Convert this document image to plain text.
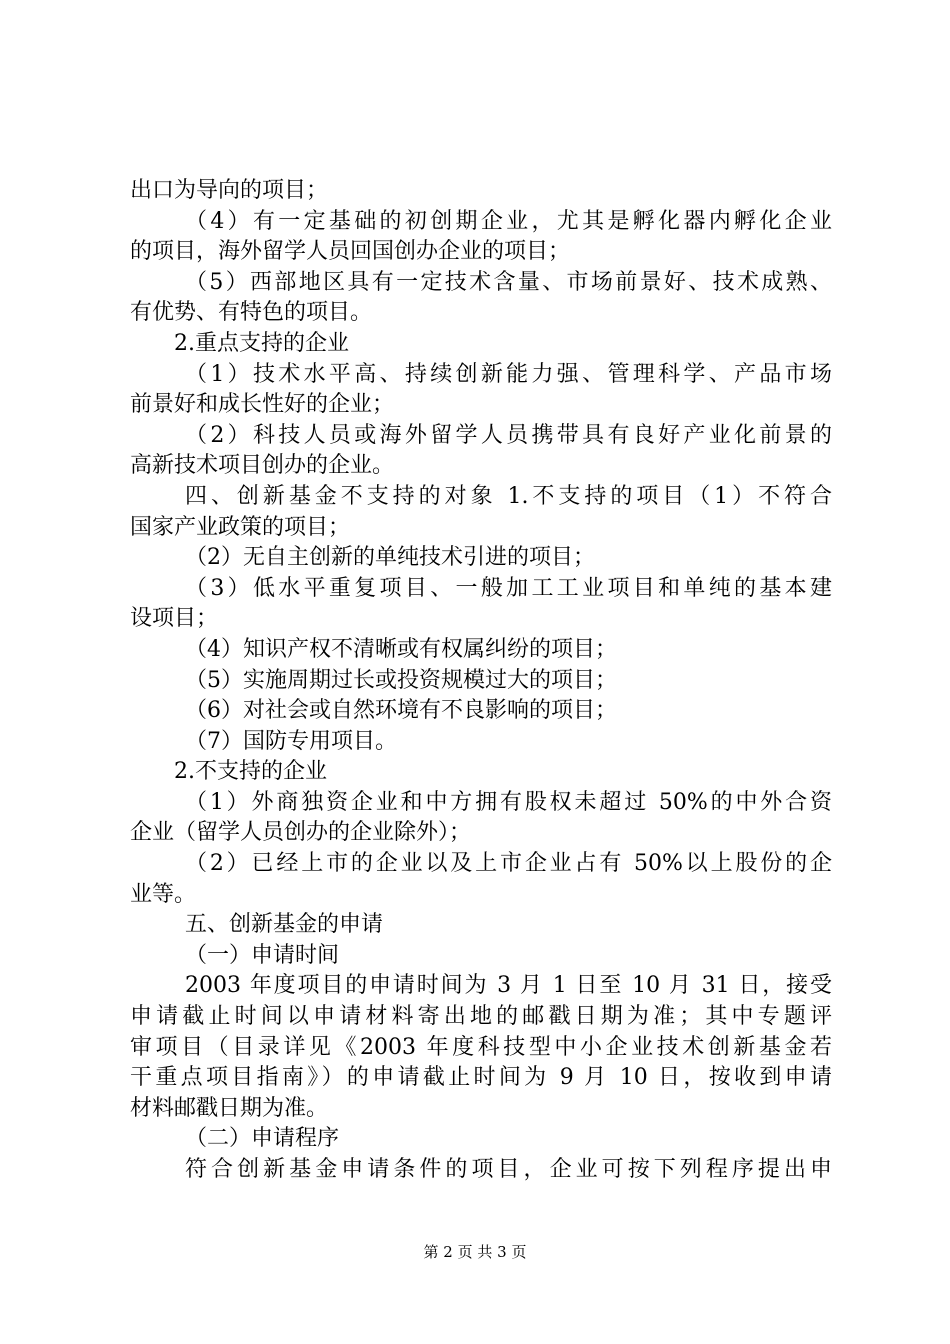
出口为导向的项目；
（4）有一定基础的初创期企业，尤其是孵化器内孵化企业
的项目，海外留学人员回国创办企业的项目；
（5）西部地区具有一定技术含量、市场前景好、技术成熟、
有优势、有特色的项目。
2.重点支持的企业
（1）技术水平高、持续创新能力强、管理科学、产品市场
前景好和成长性好的企业；
（2）科技人员或海外留学人员携带具有良好产业化前景的
高新技术项目创办的企业。
四、创新基金不支持的对象 1.不支持的项目（1）不符合
国家产业政策的项目；
（2）无自主创新的单纯技术引进的项目；
（3）低水平重复项目、一般加工工业项目和单纯的基本建
设项目；
（4）知识产权不清晰或有权属纠纷的项目；
（5）实施周期过长或投资规模过大的项目；
（6）对社会或自然环境有不良影响的项目；
（7）国防专用项目。
2.不支持的企业
（1）外商独资企业和中方拥有股权未超过 50%的中外合资
企业（留学人员创办的企业除外）；
（2）已经上市的企业以及上市企业占有 50%以上股份的企
业等。
五、创新基金的申请
（一）申请时间
2003 年度项目的申请时间为 3 月 1 日至 10 月 31 日，接受
申请截止时间以申请材料寄出地的邮戳日期为准；其中专题评
审项目（目录详见《2003 年度科技型中小企业技术创新基金若
干重点项目指南》）的申请截止时间为 9 月 10 日，按收到申请
材料邮戳日期为准。
（二）申请程序
符合创新基金申请条件的项目，企业可按下列程序提出申
第 2 页 共 3 页
